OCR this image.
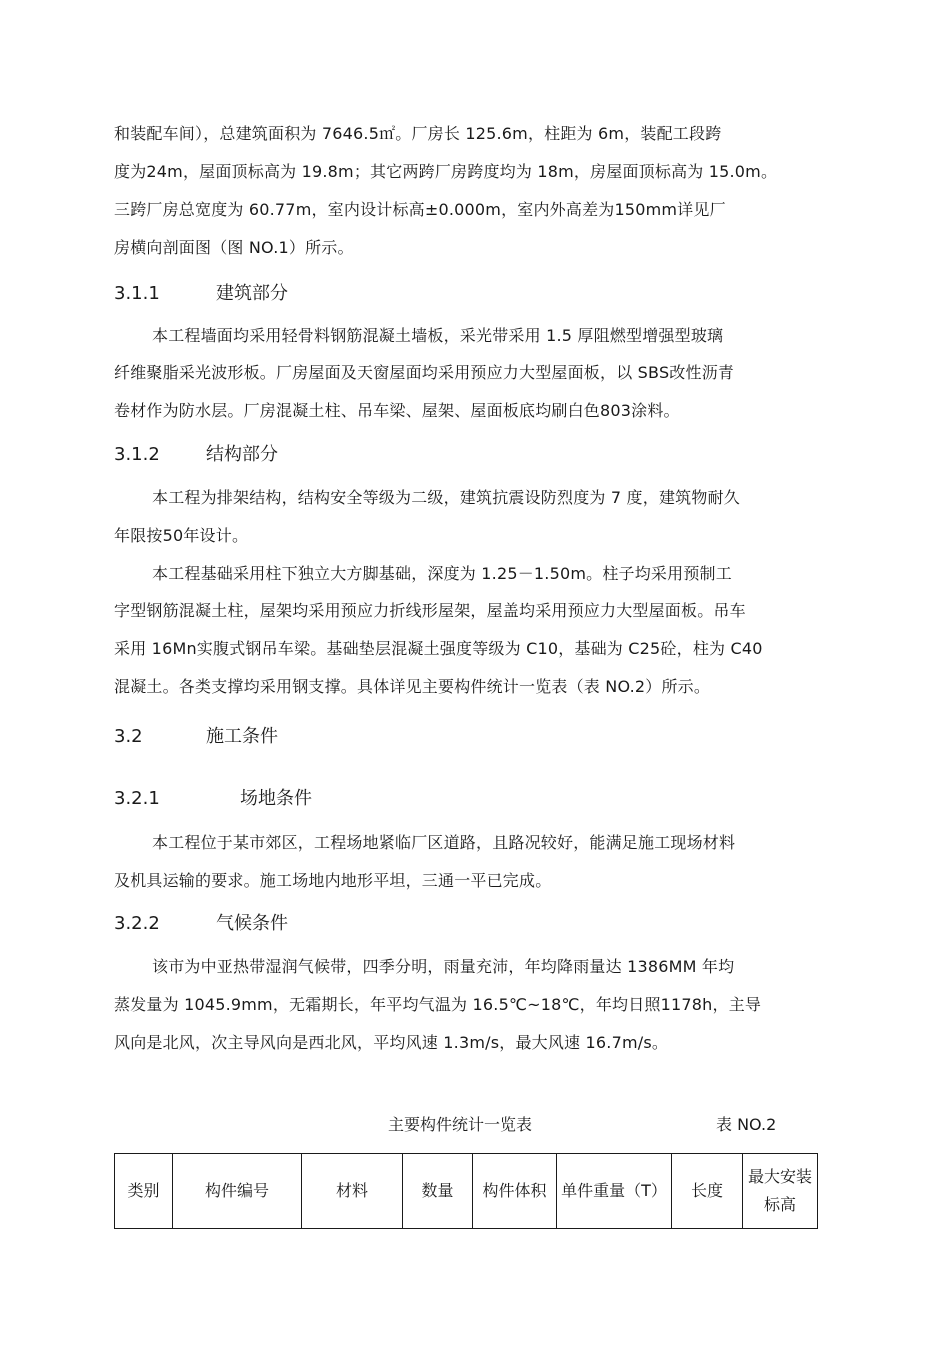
和装配车间），总建筑面积为 7646.5㎡。厂房长 125.6m，柱距为 6m，装配工段跨
度为24m，屋面顶标高为 19.8m；其它两跨厂房跨度均为 18m，房屋面顶标高为 15.0m。
三跨厂房总宽度为 60.77m，室内设计标高±0.000m，室内外高差为150mm详见厂
房横向剖面图（图 NO.1）所示。
3.1.1	建筑部分
本工程墙面均采用轻骨料钢筋混凝土墙板，采光带采用 1.5 厚阻燃型增强型玻璃
纤维聚脂采光波形板。厂房屋面及天窗屋面均采用预应力大型屋面板，以 SBS改性沥青
卷材作为防水层。厂房混凝土柱、吊车梁、屋架、屋面板底均刷白色803涂料。
3.1.2	结构部分
本工程为排架结构，结构安全等级为二级，建筑抗震设防烈度为 7 度，建筑物耐久
年限按50年设计。
本工程基础采用柱下独立大方脚基础，深度为 1.25－1.50m。柱子均采用预制工
字型钢筋混凝土柱，屋架均采用预应力折线形屋架，屋盖均采用预应力大型屋面板。吊车
采用 16Mn实腹式钢吊车梁。基础垫层混凝土强度等级为 C10，基础为 C25砼，柱为 C40
混凝土。各类支撑均采用钢支撑。具体详见主要构件统计一览表（表 NO.2）所示。
3.2	施工条件
3.2.1	场地条件
本工程位于某市郊区，工程场地紧临厂区道路，且路况较好，能满足施工现场材料
及机具运输的要求。施工场地内地形平坦，三通一平已完成。
3.2.2	气候条件
该市为中亚热带湿润气候带，四季分明，雨量充沛，年均降雨量达 1386MM 年均
蒸发量为 1045.9mm，无霜期长，年平均气温为 16.5℃~18℃，年均日照1178h，主导
风向是北风，次主导风向是西北风，平均风速 1.3m/s，最大风速 16.7m/s。
主要构件统计一览表	表 NO.2
类别	构件编号	材料	数量	构件体积	单件重量（T）	长度	最大安装标高
